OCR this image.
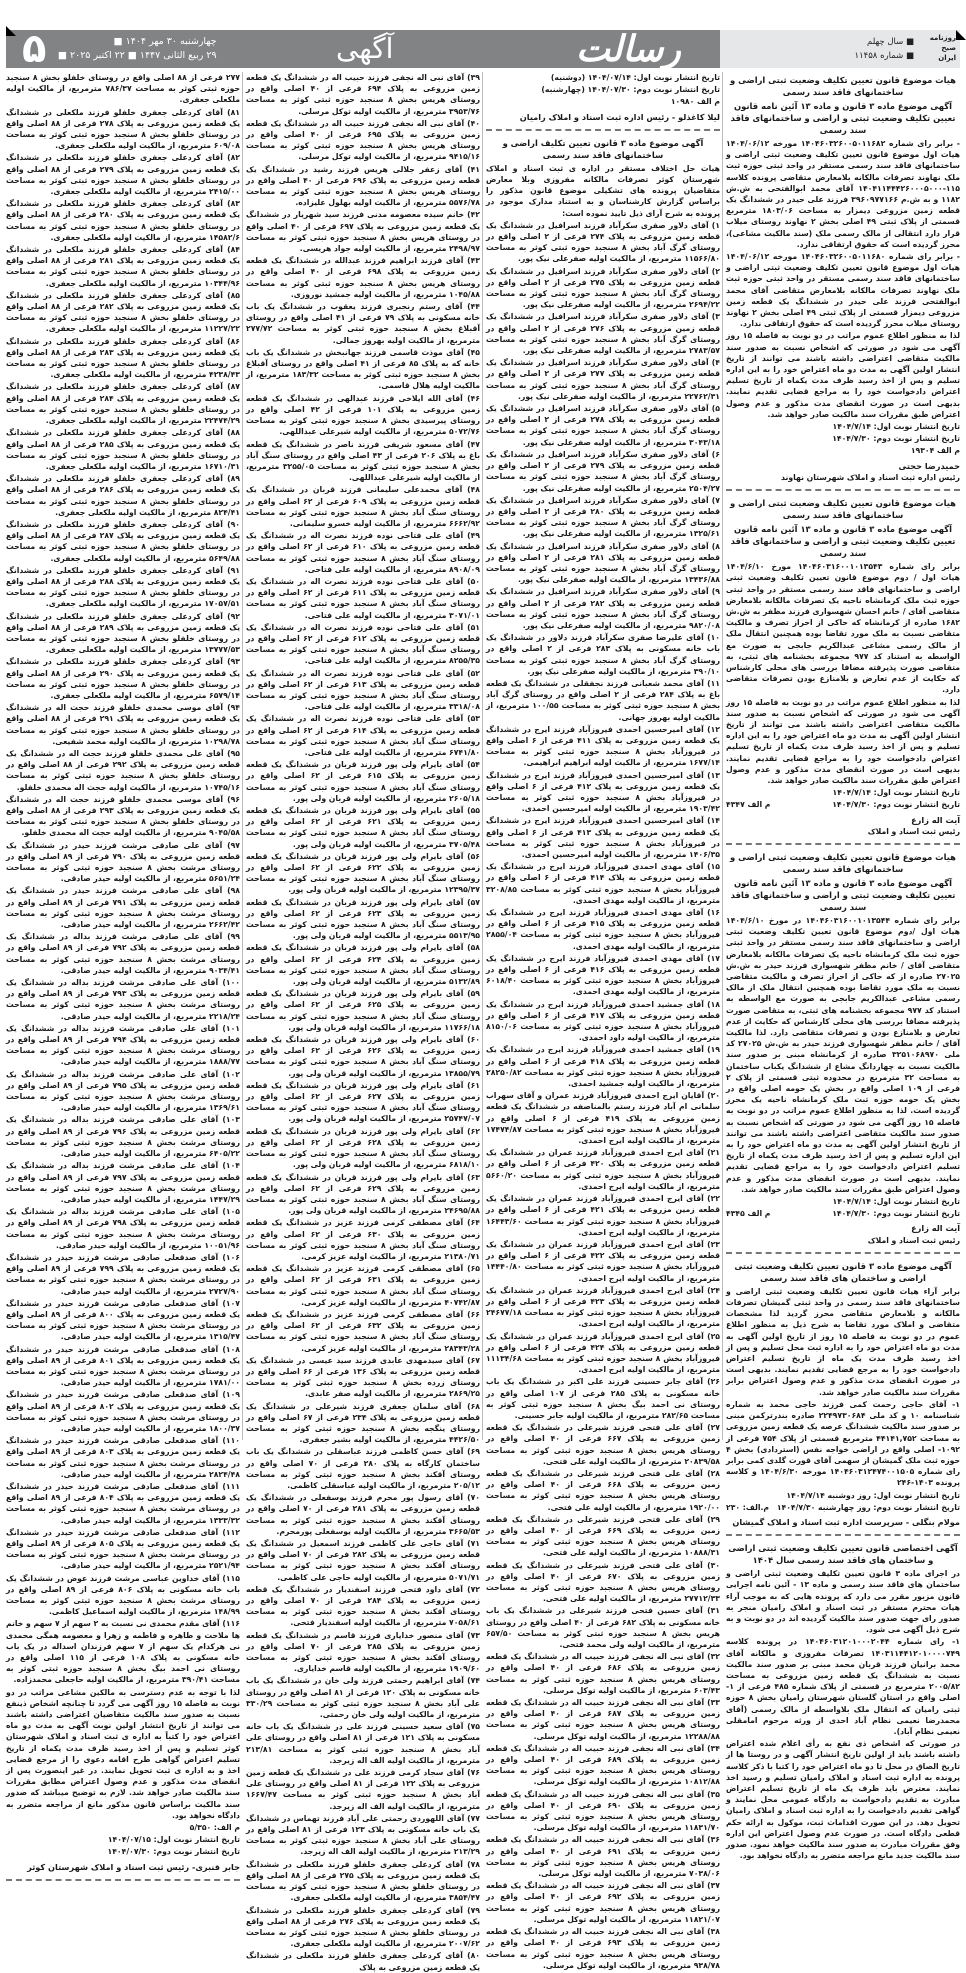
۵	چهارشنبه ۳۰ مهر ۱۴۰۴ ■
۲۹ ربیع الثانی ۱۴۴۷ ■ ۲۲ اکتبر ۲۰۲۵ ■	آگهی	رسالت	■ سال چهلم
■ شماره ۱۱۴۵۸
روزنامه صبح ایران
هیات موضوع قانون تعیین تکلیف وضعیت ثبتی اراضی و ساختمانهای فاقد سند رسمی
آگهی موضوع ماده ۳ قانون و ماده ۱۳ آئین نامه قانون تعیین تکلیف وضعیت ثبتی و اراضی و ساختمانهای فاقد سند رسمی

- برابر رای شماره ۱۴۰۴۶۰۳۲۶۰۰۵۰۱۱۶۸۲ مورخه ۱۴۰۴/۰۶/۱۲ هیات اول موضوع قانون تعیین تکلیف وضعیت ثبتی اراضی و ساختمانهای فاقد سند رسمی مستقر در واحد ثبتی حوزه ثبت ملک نهاوند تصرفات مالکانه بلامعارض متقاضی پرونده کلاسه ۱۱۵-۱۴۰۴۱۱۴۴۴۲۶۰۰۰۵۰۰۰ آقای محمد ابوالفتحی به ش.ش ۱۱۸۲ و به ش.م ۳۹۶۰۹۷۷۱۶۶ فرزند علی حیدر در ششدانگ یک قطعه زمین مزروعی دیمزار به مساحت ۱۸۰۳/۰۶ مترمربع قسمتی از پلاک ثبتی ۴۹ اصلی بخش ۲ نهاوند روستای میلاب قرار دارد انتقالی از مالک رسمی ملک (سند مالکیت مشاعی)، محرز گردیده است که حقوق ارتفاقی ندارد.

- برابر رای شماره ۱۴۰۴۶۰۳۲۶۰۰۵۰۱۱۶۸۰ مورخه ۱۴۰۴/۰۶/۱۲ هیات اول موضوع قانون تعیین تکلیف وضعیت ثبتی اراضی و ساختمانهای فاقد سند رسمی مستقر در واحد ثبتی حوزه ثبت ملک نهاوند تصرفات مالکانه بلامعارض متقاضی آقای محمد ابوالفتحی فرزند علی حیدر در ششدانگ یک قطعه زمین مزروعی دیمزار قسمتی از پلاک ثبتی ۴۹ اصلی بخش ۲ نهاوند روستای میلاب محرز گردیده است که حقوق ارتفاقی ندارد.

لذا به منظور اطلاع عموم مراتب در دو نوبت به فاصله ۱۵ روز آگهی می شود در صورتی که اشخاص نسبت به صدور سند مالکیت متقاضی اعتراضی داشته باشند می توانند از تاریخ انتشار اولین آگهی به مدت دو ماه اعتراض خود را به این اداره تسلیم و پس از اخذ رسید ظرف مدت یکماه از تاریخ تسلیم اعتراض دادخواست خود را به مراجع قضایی تقدیم نمایند. بدیهی است در صورت انقضای مدت مذکور و عدم وصول اعتراض طبق مقررات سند مالکیت صادر خواهد شد.

تاریخ انتشار نوبت اول: ۱۴۰۴/۷/۱۴

تاریخ انتشار نوبت دوم: ۱۴۰۴/۷/۳۰

م الف ۱۹۳۰۴

حمیدرضا حجتی
رئیس اداره ثبت اسناد و املاک شهرستان نهاوند
هیات موضوع قانون تعیین تکلیف وضعیت ثبتی اراضی و ساختمانهای فاقد سند رسمی
آگهی موضوع ماده ۳ قانون و ماده ۱۳ آئین نامه قانون تعیین تکلیف وضعیت ثبتی و اراضی و ساختمانهای فاقد سند رسمی

برابر رای شماره ۱۴۰۴۶۰۳۱۶۰۰۱۰۱۳۵۴۳ مورخ ۱۴۰۴/۶/۱۰ هیات اول / دوم موضوع قانون تعیین تکلیف وضعیت ثبتی اراضی و ساختمانهای فاقد سند رسمی مستقر در واحد ثبتی حوزه ثبت ملک کرمانشاه ناحیه یک تصرفات مالکانه بلامعارض متقاضی آقای / خانم احسان شهسواری فرزند مظفر به ش.ش ۱۶۸۲ صادره از کرمانشاه که حاکی از احراز تصرف و مالکیت متقاضی نسبت به ملک مورد تقاضا بوده همچنین انتقال ملک از مالک رسمی مشاعی عبدالکریم جابجی به صورت مع الواسطه به استناد کد ۹۷۷ مجموعه بخشنامه های ثبتی، به متقاضی صورت پذیرفته مضافا بررسی های محلی کارشناس که حکایت از عدم تعارض و بلامنازع بودن تصرفات متقاضی دارد.

لذا به منظور اطلاع عموم مراتب در دو نوبت به فاصله ۱۵ روز آگهی می شود در صورتی که اشخاص نسبت به صدور سند مالکیت متقاضی اعتراضی داشته باشند می توانند از تاریخ انتشار اولین آگهی به مدت دو ماه اعتراض خود را به این اداره تسلیم و پس از اخذ رسید ظرف مدت یکماه از تاریخ تسلیم اعتراض دادخواست خود را به مراجع قضایی تقدیم نمایند. بدیهی است در صورت انقضای مدت مذکور و عدم وصول اعتراض طبق مقررات سند مالکیت صادر خواهد شد.

تاریخ انتشار نوبت اول: ۱۴۰۴/۷/۱۴

تاریخ انتشار نوبت دوم: ۱۴۰۴/۷/۳۰
م الف ۴۳۴۷
آیت اله زارع
رئیس ثبت اسناد و املاک
هیات موضوع قانون تعیین تکلیف وضعیت ثبتی اراضی و ساختمانهای فاقد سند رسمی
آگهی موضوع ماده ۳ قانون و ماده ۱۳ آئین نامه قانون تعیین تکلیف وضعیت ثبتی و اراضی و ساختمانهای فاقد سند رسمی

برابر رای شماره ۱۴۰۴۶۰۳۱۶۰۰۱۰۱۳۵۴۴ در مورخ ۱۴۰۴/۶/۱۰ هیات اول /دوم موضوع قانون تعیین تکلیف وضعیت ثبتی اراضی و ساختمانهای فاقد سند رسمی مستقر در واحد ثبتی حوزه ثبت ملک کرمانشاه ناحیه یک تصرفات مالکانه بلامعارض متقاضی آقای / خانم مظفر شهسواری فرزند حیدر به ش.ش ۲۷۰۲۵ صادره از که حاکی از احراز تصرف و مالکیت متقاضی نسبت به ملک مورد تقاضا بوده همچنین انتقال ملک از مالک رسمی مشاعی عبدالکریم جابجی به صورت مع الواسطه به استناد کد ۹۷۷ مجموعه بخشنامه های ثبتی، به متقاضی صورت پذیرفته مضافا بررسی های محلی کارشناس که حکایت از عدم تعارض و بلامنازع بودن و تصرفات متقاضی دارد. لذا مالکیت آقای / خانم مظفر شهسواری فرزند حیدر به ش.ش ۲۷۰۲۵ کد ملی ۳۲۵۱۰۶۸۹۷۰ صادره از کرمانشاه مبنی بر صدور سند مالکیت نسبت به چهاردانگ مشاع از ششدانگ یکباب ساختمان به مساحت ۳۲ مترمربع در محدوده ثبتی قسمتی از پلاک ۲ فرعی از ۱۰۹ اصلی واقع در بخش یک حومه اصلی واقع در بخش یک حومه حوزه ثبت ملک کرمانشاه ناحیه یک محرز گردیده است. لذا به منظور اطلاع عموم مراتب در دو نوبت به فاصله ۱۵ روز آگهی می شود در صورتی که اشخاص نسبت به صدور سند مالکیت متقاضی اعتراضی داشته باشند می توانند از تاریخ انتشار اولین آگهی به مدت دو ماه اعتراض خود را به این اداره تسلیم و پس از اخذ رسید ظرف مدت یکماه از تاریخ تسلیم اعتراض دادخواست خود را به مراجع قضایی تقدیم نمایند. بدیهی است در صورت انقضای مدت مذکور و عدم وصول اعتراض طبق مقررات سند مالکیت صادر خواهد شد.

تاریخ انتشار نوبت اول: ۱۴۰۴/۷/۱۴

تاریخ انتشار نوبت دوم: ۱۴۰۴/۷/۳۰
م الف ۴۳۴۵
آیت اله زارع
رئیس ثبت اسناد و املاک
آگهی موضوع ماده ۳ قانون تعیین تکلیف وضعیت ثبتی اراضی و ساختمان های فاقد سند رسمی

برابر آراء هیات قانون تعیین تکلیف وضعیت ثبتی اراضی و ساختمانهای فاقد سند رسمی در واحد ثبتی گمیشان تصرفات مالکانه و بلامعارض متقاضی محرز گردید لذا مشخصات متقاضی و املاک مورد تقاضا به شرح ذیل به منظور اطلاع عموم در دو نوبت به فاصله ۱۵ روز از تاریخ اولین آگهی به مدت دو ماه اعتراض خود را به اداره ثبت محل تسلیم و پس از اخذ رسید ظرف مدت یک ماه از تاریخ تسلیم اعتراض دادخواست خود را به مرجع قضایی تقدیم نمایند. بدیهی است در صورت انقضای مدت مذکور و عدم وصول اعتراض برابر مقررات سند مالکیت صادر خواهد شد.

۱- آقای حاجی رحمت کمی فرزند حاجی محمد به شماره شناسنامه ۱۰ و کد ملی ۲۲۴۹۷۳۰۶۸۴ صادره بندرترکمن مبنی بر صدور سند مالکیت ششدانگ عرصه یک قطعه زمین مزروعی به مساحت ۴۴۱۴۱,۷۵۲ مترمربع قسمتی از پلاک ۷۵۴ فرعی از ۱۰۹۲- اصلی واقع در اراضی خواجه نفس (استردادی) بخش ۴ حوزه ثبت ملک گمیشان از سهمی آقای قورت گلدی کمی برابر رای شماره ۱۴۰۴۶۰۳۱۲۴۷۴۰۰۱۵۰۵ مورخه ۱۴۰۴/۶/۳۰ و کلاسه پرونده ۱۴۰۳-۲۴۶

تاریخ انتشار نوبت اول: روز دوشنبه ۱۴۰۴/۷/۱۴

تاریخ انتشار نوبت دوم: روز چهارشنبه ۱۴۰۴/۷/۳۰
م.الف: ۲۳۰
مولام بنگلی - سرپرست اداره ثبت اسناد و املاک گمیشان
آگهی اختصاصی قانون تعیین تکلیف وضعیت ثبتی اراضی و ساختمان های فاقد سند رسمی سال ۱۴۰۴

در اجرای ماده ۳ قانون تعیین تکلیف وضعیت ثبتی اراضی و ساختمان های فاقد سند رسمی و ماده ۱۳ - آئین نامه اجرایی قانون مزبور مقرر می دارد که پرونده هایی که به موجب آراء هیات محترم مستقر در ثبت اسناد و املاک رامیان منجر به صدور رای جهت صدور سند مالکیت گردیده اند در دو نوبت و به شرح ذیل آگهی می شود.

۱- رای شماره ۱۴۰۴۶۰۳۱۲۰۱۰۰۰۲۰۴۴ در پرونده کلاسه ۱۴۰۳۱۱۴۴۱۲۰۱۰۰۰۰۷۴۹ تصرفات مفروزی و مالکانه آقای محمد برانیان فرزند قربان محمد مبنی بر صدور سند مالکیت نسبت به ششدانگ یک قطعه زمین مزروعی به مساحت ۲۰۰۵/۸۲ مترمربع در قسمتی از پلاک شماره ۴۸۵ فرعی از ۱- اصلی واقع در استان گلستان شهرستان رامیان بخش ۸ حوزه ثبتی رامیان که انتقال ملک بلاواسطه از مالک رسمی (آقای محمدرضا نعیمی نظام آباد احدی از ورثه مرحوم امامقلی نعیمی نظام آباد).

در صورتی که اشخاص ذی نفع به رأی اعلام شده اعتراض داشته باشند باید از اولین تاریخ انتشار آگهی و در روستا ها از تاریخ الصاق در محل تا دو ماه اعتراض خود را کتبا با ذکر کلاسه پرونده به اداره ثبت اسناد و املاک رامیان تسلیم و رسید اخذ نمایند. معترض باید ظرف یک ماه از تاریخ تسلیم اعتراض مبادرت به تقدیم دادخواست به دادگاه عمومی محل نمایند و گواهی تقدیم دادخواست را به اداره ثبت اسناد و املاک رامیان تحویل دهد. در این صورت اقدامات ثبت، موکول به ارائه حکم قطعی دادگاه است. در صورت عدم وصول اعتراض این اداره وفق مقررات مبادرت به صدور سند مالکیت خواهد نمود. صدور سند مالکیت جدید مانع مراجعه متضرر به دادگاه نخواهد بود.

تاریخ انتشار نوبت اول: ۱۴۰۴/۰۷/۱۴ (دوشنبه)

تاریخ انتشار نوبت دوم: ۱۴۰۴/۰۷/۳۰ (چهارشنبه)

م الف ۱۰۹۸۰

لیلا کاغذلو - رئیس اداره ثبت اسناد و املاک رامیان
آگهی موضوع ماده ۳ قانون تعیین تکلیف اراضی و ساختمانهای فاقد سند رسمی

هیات حل اختلاف مستقر در اداره ی ثبت اسناد و املاک شهرستان کوثر تصرفات مالکانه مفروزی وبلا معارض متقاضیان پرونده های تشکیلی موضوع قانون مذکور را براساس گزارش کارشناسان و به استناد مدارک موجود در پرونده به شرح آرای ذیل تایید نموده است:

۱) آقای دلاور صفری سکرآباد فرزند اسرافیل در ششدانگ یک قطعه زمین مزروعی به پلاک ۲۷۴ فرعی از ۲ اصلی واقع در روستای گرگ آباد بخش ۸ سنجبد حوزه ثبتی کوثر به مساحت ۱۱۵۶۶/۸۰ مترمربع، از مالکیت اولیه صفرعلی نیک پور.

۲) آقای دلاور صفری سکرآباد فرزند اسرافیل در ششدانگ یک قطعه زمین مزروعی به پلاک ۲۷۵ فرعی از ۲ اصلی واقع در روستای گرگ آباد بخش ۸ سنجبد حوزه ثبتی کوثر به مساحت ۲۶۹۴/۲۲ مترمربع، از مالکیت اولیه صفرعلی نیک پور.

۳) آقای دلاور صفری سکرآباد فرزند اسرافیل در ششدانگ یک قطعه زمین مزروعی به پلاک ۲۷۶ فرعی از ۲ اصلی واقع در روستای گرگ آباد بخش ۸ سنجبد حوزه ثبتی کوثر به مساحت ۲۷۸۳/۵۷ مترمربع، از مالکیت اولیه صفرعلی نیک پور.

۴) آقای دلاور صفری سکرآباد فرزند اسرافیل در ششدانگ یک قطعه زمین مزروعی به پلاک ۲۷۷ فرعی از ۲ اصلی واقع در روستای گرگ آباد بخش ۸ سنجبد حوزه ثبتی کوثر به مساحت ۲۲۷۶۲/۳۱ مترمربع، از مالکیت اولیه صفرعلی نیک پور.

۵) آقای دلاور صفری سکرآباد فرزند اسرافیل در ششدانگ یک قطعه زمین مزروعی به پلاک ۲۷۸ فرعی از ۲ اصلی واقع در روستای گرگ آباد بخش ۸ سنجبد حوزه ثبتی کوثر به مساحت ۳۰۴۳/۱۸ مترمربع، از مالکیت اولیه صفرعلی نیک پور.

۶) آقای دلاور صفری سکرآباد فرزند اسرافیل در ششدانگ یک قطعه زمین مزروعی به پلاک ۲۷۹ فرعی از ۲ اصلی واقع در روستای گرگ آباد بخش ۸ سنجبد حوزه ثبتی کوثر به مساحت ۲۵۰۴/۲۷ مترمربع، از مالکیت اولیه صفرعلی نیک پور.

۷) آقای دلاور صفری سکرآباد فرزند اسرافیل در ششدانگ یک قطعه زمین مزروعی به پلاک ۲۸۰ فرعی از ۲ اصلی واقع در روستای گرگ آباد بخش ۸ سنجبد حوزه ثبتی کوثر به مساحت ۱۳۲۵/۶۱ مترمربع، از مالکیت اولیه صفرعلی نیک پور.

۸) آقای دلاور صفری سکرآباد فرزند اسرافیل در ششدانگ یک قطعه زمین مزروعی به پلاک ۲۸۱ فرعی از ۲ اصلی واقع در روستای گرگ آباد بخش ۸ سنجبد حوزه ثبتی کوثر به مساحت ۱۳۴۳۶/۸۸ مترمربع، از مالکیت اولیه صفرعلی نیک پور.

۹) آقای دلاور صفری سکرآباد فرزند اسرافیل در ششدانگ یک قطعه زمین مزروعی به پلاک ۲۸۲ فرعی از ۲ اصلی واقع در روستای گرگ آباد بخش ۸ سنجبد حوزه ثبتی کوثر به مساحت ۹۸۲۰/۰۸ مترمربع، از مالکیت اولیه صفرعلی نیک پور.

۱۰) آقای علیرضا صفری سکرآباد فرزند دلاور در ششدانگ یک باب خانه مسکونی به پلاک ۲۸۳ فرعی از ۲ اصلی واقع در روستای گرگ آباد بخش ۸ سنجبد حوزه ثبتی کوثر به مساحت ۳۹۰/۱۰ مترمربع، از مالکیت اولیه صفرعلی نیک پور.

۱۱) آقای محمد شعبانی فرزند نجفقلی در ششدانگ یک قطعه باغ به پلاک ۲۸۴ فرعی از ۲ اصلی واقع در روستای گرگ آباد بخش ۸ سنجبد حوزه ثبتی کوثر به مساحت ۱۰۰/۵۵ مترمربع، از مالکیت اولیه بهروز جهانی.

۱۲) آقای امیرحسین احمدی فیروزآباد فرزند ایرج در ششدانگ یک قطعه زمین مزروعی به پلاک ۴۱۱ فرعی از ۶ اصلی واقع در فیروزآباد بخش ۸ سنجبد حوزه ثبتی کوثر به مساحت ۱۶۷۷/۱۴ مترمربع، از مالکیت اولیه ابراهیم ابراهیمی.

۱۳) آقای امیرحسین احمدی فیروزآباد فرزند ایرج در ششدانگ یک قطعه زمین مزروعی به پلاک ۴۱۲ فرعی از ۶ اصلی واقع در فیروزآباد بخش ۸ سنجبد حوزه ثبتی کوثر به مساحت ۱۹۰۳/۴۲ مترمربع، از مالکیت اولیه امیرحسین احمدی.

۱۴) آقای امیرحسین احمدی فیروزآباد فرزند ایرج در ششدانگ یک قطعه زمین مزروعی به پلاک ۴۱۳ فرعی از ۶ اصلی واقع در فیروزآباد بخش ۸ سنجبد حوزه ثبتی کوثر به مساحت ۱۴۰۶/۳۵ مترمربع، از مالکیت اولیه امیرحسین احمدی.

۱۵) آقای مهدی احمدی فیروزآباد فرزند ایرج در ششدانگ یک قطعه زمین مزروعی به پلاک ۴۱۴ فرعی از ۶ اصلی واقع در فیروزآباد بخش ۸ سنجبد حوزه ثبتی کوثر به مساحت ۳۲۰۸/۸۵ مترمربع، از مالکیت اولیه مهدی احمدی.

۱۶) آقای مهدی احمدی فیروزآباد فرزند ایرج در ششدانگ یک قطعه زمین مزروعی به پلاک ۴۱۵ فرعی از ۶ اصلی واقع در فیروزآباد بخش ۸ سنجبد حوزه ثبتی کوثر به مساحت ۲۸۵۵/۰۴ مترمربع، از مالکیت اولیه مهدی احمدی.

۱۷) آقای مهدی احمدی فیروزآباد فرزند ایرج در ششدانگ یک قطعه زمین مزروعی به پلاک ۴۱۶ فرعی از ۶ اصلی واقع در فیروزآباد بخش ۸ سنجبد حوزه ثبتی کوثر به مساحت ۶۰۱۸/۴۰ مترمربع، از مالکیت اولیه مهدی احمدی.

۱۸) آقای جمشید احمدی فیروزآباد فرزند ایرج در ششدانگ یک قطعه زمین مزروعی به پلاک ۴۱۷ فرعی از ۶ اصلی واقع در فیروزآباد بخش ۸ سنجبد حوزه ثبتی کوثر به مساحت ۸۱۵۰/۰۶ مترمربع، از مالکیت اولیه داود احمدی.

۱۹) آقای جمشید احمدی فیروزآباد فرزند ایرج در ششدانگ یک قطعه زمین مزروعی به پلاک ۴۱۸ فرعی از ۶ اصلی واقع در فیروزآباد بخش ۸ سنجبد حوزه ثبتی کوثر به مساحت ۲۸۲۵۰/۸۲ مترمربع، از مالکیت اولیه جمشید احمدی.

۲۰) آقایان ایرج احمدی فیروزآباد فرزند عمران و آقای سهراب سلمانی ام آباد فرزند رستم بالمناصفه در ششدانگ یک قطعه زمین مزروعی به پلاک ۴۱۹ فرعی از ۶ اصلی واقع در فیروزآباد بخش ۸ سنجبد حوزه ثبتی کوثر به مساحت ۱۷۴۷۴/۸۷ مترمربع، از مالکیت اولیه ایرج احمدی.

۲۱) آقای ایرج احمدی فیروزآباد فرزند عمران در ششدانگ یک قطعه زمین مزروعی به پلاک ۴۲۰ فرعی از ۶ اصلی واقع در فیروزآباد بخش ۸ سنجبد حوزه ثبتی کوثر به مساحت ۵۶۶۰/۲۰ مترمربع، از مالکیت اولیه ایرج احمدی.

۲۲) آقای ایرج احمدی فیروزآباد فرزند عمران در ششدانگ یک قطعه زمین مزروعی به پلاک ۴۲۱ فرعی از ۶ اصلی واقع در فیروزآباد بخش ۸ سنجبد حوزه ثبتی کوثر به مساحت ۱۶۴۴۳/۶۰ مترمربع، از مالکیت اولیه ایرج احمدی.

۲۳) آقای ایرج احمدی فیروزآباد فرزند عمران در ششدانگ یک قطعه زمین مزروعی به پلاک ۴۲۲ فرعی از ۶ اصلی واقع در فیروزآباد بخش ۸ سنجبد حوزه ثبتی کوثر به مساحت ۱۴۴۴۰/۸۰ مترمربع، از مالکیت اولیه ایرج احمدی.

۲۴) آقای ایرج احمدی فیروزآباد فرزند عمران در ششدانگ یک قطعه زمین مزروعی به پلاک ۴۲۳ فرعی از ۶ اصلی واقع در فیروزآباد بخش ۸ سنجبد حوزه ثبتی کوثر به مساحت ۲۴۶۷۷/۱۸ مترمربع، از مالکیت اولیه ایرج احمدی.

۲۵) آقای ایرج احمدی فیروزآباد فرزند عمران در ششدانگ یک قطعه زمین مزروعی به پلاک ۴۲۴ فرعی از ۶ اصلی واقع در فیروزآباد بخش ۸ سنجبد حوزه ثبتی کوثر به مساحت ۱۱۱۳۴/۶۸ مترمربع، از مالکیت اولیه ایرج احمدی.

۲۶) آقای جابر حسینی فرزند علی اکبر در ششدانگ یک باب خانه مسکونی به پلاک ۲۸۵ فرعی از ۱۰۷ اصلی واقع در روستای نی احمد بیگ بخش ۸ سنجبد حوزه ثبتی کوثر به مساحت ۲۸۲/۶۵ مترمربع، از مالکیت اولیه جابر حسینی.

۲۷) آقای علی فتحی فرزند شیرعلی در ششدانگ یک قطعه زمین مزروعی به پلاک ۶۶۷ فرعی از ۴۰ اصلی واقع در روستای هریس بخش ۸ سنجبد حوزه ثبتی کوثر به مساحت ۲۰۸۳۹/۵۸ مترمربع، از مالکیت اولیه علی فتحی.

۲۸) آقای علی فتحی فرزند شیرعلی در ششدانگ یک قطعه زمین مزروعی به پلاک ۶۶۸ فرعی از ۴۰ اصلی واقع در روستای هریس بخش ۸ سنجبد حوزه ثبتی کوثر به مساحت ۱۹۲۰/۰۰ مترمربع، از مالکیت اولیه علی فتحی.

۲۹) آقای علی فتحی فرزند شیرعلی در ششدانگ یک قطعه زمین مزروعی به پلاک ۶۶۹ فرعی از ۴۰ اصلی واقع در روستای هریس بخش ۸ سنجبد حوزه ثبتی کوثر به مساحت ۱۰۸۸۸/۳۱ مترمربع، از مالکیت اولیه علی فتحی.

۳۰) آقای علی فتحی فرزند شیرعلی در ششدانگ یک قطعه زمین مزروعی به پلاک ۶۷۰ فرعی از ۴۰ اصلی واقع در روستای هریس بخش ۸ سنجبد حوزه ثبتی کوثر به مساحت ۲۷۷۱۲/۳۳ مترمربع، از مالکیت اولیه علی فتحی.

۳۱) آقای حسین فتحی فرزند شیرعلی در ششدانگ یک باب خانه مسکونی به پلاک ۶۸۲ فرعی از ۴۰ اصلی واقع در روستای هریس بخش ۸ سنجبد حوزه ثبتی کوثر به مساحت ۶۵۷/۵۰ مترمربع، از مالکیت اولیه ولی محمد فتحی.

۳۲) آقای نبی اله نجفی فرزند حبیب اله در ششدانگ یک قطعه زمین مزروعی به پلاک ۶۸۶ فرعی از ۴۰ اصلی واقع در روستای هریس بخش ۸ سنجبد حوزه ثبتی کوثر به مساحت ۶۰۳/۴۳ مترمربع، از مالکیت اولیه توکل مرسلی.

۳۳) آقای نبی اله نجفی فرزند حبیب اله در ششدانگ یک قطعه زمین مزروعی به پلاک ۶۸۷ فرعی از ۴۰ اصلی واقع در روستای هریس بخش ۸ سنجبد حوزه ثبتی کوثر به مساحت ۱۲۲۸۸/۸۸ مترمربع، از مالکیت اولیه توکل مرسلی.

۳۴) آقای نبی اله نجفی فرزند حبیب اله در ششدانگ یک قطعه زمین مزروعی به پلاک ۶۸۹ فرعی از ۴۰ اصلی واقع در روستای هریس بخش ۸ سنجبد حوزه ثبتی کوثر به مساحت ۱۰۸۱۲/۸۸ مترمربع، از مالکیت اولیه توکل مرسلی.

۳۵) آقای نبی اله نجفی فرزند حبیب اله در ششدانگ یک قطعه زمین مزروعی به پلاک ۶۹۰ فرعی از ۴۰ اصلی واقع در روستای هریس بخش ۸ سنجبد حوزه ثبتی کوثر به مساحت ۱۱۸۳۱/۷۰ مترمربع، از مالکیت اولیه توکل مرسلی.

۳۶) آقای نبی اله نجفی فرزند حبیب اله در ششدانگ یک قطعه زمین مزروعی به پلاک ۶۹۱ فرعی از ۴۰ اصلی واقع در روستای هریس بخش ۸ سنجبد حوزه ثبتی کوثر به مساحت ۷۰۳۸/۰۶ مترمربع، از مالکیت اولیه توکل مرسلی.

۳۷) آقای نبی اله نجفی فرزند حبیب اله در ششدانگ یک قطعه زمین مزروعی به پلاک ۶۹۲ فرعی از ۴۰ اصلی واقع در روستای هریس بخش ۸ سنجبد حوزه ثبتی کوثر به مساحت ۱۱۸۲۱/۰۷ مترمربع، از مالکیت اولیه توکل مرسلی.

۳۸) آقای نبی اله نجفی فرزند حبیب اله در ششدانگ یک قطعه زمین مزروعی به پلاک ۶۹۳ فرعی از ۴۰ اصلی واقع در روستای هریس بخش ۸ سنجبد حوزه ثبتی کوثر به مساحت ۹۳۸/۷۸ مترمربع، از مالکیت اولیه توکل مرسلی.

۳۹) آقای نبی اله نجفی فرزند حبیب اله در ششدانگ یک قطعه زمین مزروعی به پلاک ۶۹۴ فرعی از ۴۰ اصلی واقع در روستای هریس بخش ۸ سنجبد حوزه ثبتی کوثر به مساحت ۳۹۵۳/۷۶ مترمربع، از مالکیت اولیه توکل مرسلی.

۴۰) آقای نبی اله نجفی فرزند حبیب اله در ششدانگ یک قطعه زمین مزروعی به پلاک ۶۹۵ فرعی از ۴۰ اصلی واقع در روستای هریس بخش ۸ سنجبد حوزه ثبتی کوثر به مساحت ۹۴۱۵/۱۶ مترمربع، از مالکیت اولیه توکل مرسلی.

۴۱) آقای زعفر جلالی هریس فرزند رشید در ششدانگ یک قطعه زمین مزروعی به پلاک ۶۹۶ فرعی از ۴۰ اصلی واقع در روستای هریس بخش ۸ سنجبد حوزه ثبتی کوثر به مساحت ۵۵۷۶/۷۸ مترمربع، از مالکیت اولیه بهلول علیزاده.

۴۲) خانم سیده معصومه مدنی فرزند سید شهریار در ششدانگ یک قطعه زمین مزروعی به پلاک ۶۹۷ فرعی از ۴۰ اصلی واقع در روستای هریس بخش ۸ سنجبد حوزه ثبتی کوثر به مساحت ۲۴۹۸/۹۷ مترمربع، از مالکیت اولیه جواد هریسی.

۴۳) آقای فرزند ابراهیم فرزند عبدالله در ششدانگ یک قطعه زمین مزروعی به پلاک ۶۹۸ فرعی از ۴۰ اصلی واقع در روستای هریس بخش ۸ سنجبد حوزه ثبتی کوثر به مساحت ۱۰۴۵/۸۸ مترمربع، از مالکیت اولیه جمشید نوروزی.

۴۴) آقای رستم رنجبری فرزند یعقوب در ششدانگ یک باب خانه مسکونی به پلاک ۷۹ فرعی از ۴۱ اصلی واقع در روستای آقبلاغ بخش ۸ سنجبد حوزه ثبتی کوثر به مساحت ۲۷۷/۷۲ مترمربع، از مالکیت اولیه بهروز جمالی.

۴۵) آقای موذت قاسمی فرزند جهانبخش در ششدانگ یک باب خانه که به پلاک ۸۵ فرعی از ۴۱ اصلی واقع در روستای آقبلاغ بخش ۸ سنجبد حوزه ثبتی کوثر به مساحت ۱۸۳/۳۲ مترمربع، از مالکیت اولیه هلال قاسمی.

۴۶) آقای الله ایلاخی فرزند عبدالهی در ششدانگ یک قطعه زمین مزروعی به پلاک ۱۰۱ فرعی از ۴۲ اصلی واقع در روستای پیرسیدی بخش ۸ سنجبد حوزه ثبتی کوثر به مساحت ۵۰۷۲/۷۶ مترمربع، از مالکیت اولیه شیرعلی عبداللهی.

۴۷) آقای مسعود شریفی فرزند ناصر در ششدانگ یک قطعه باغ به پلاک ۲۰۶ فرعی از ۴۳ اصلی واقع در روستای سنگ آباد بخش ۸ سنجبد حوزه ثبتی کوثر به مساحت ۳۲۵۵/۰۵ مترمربع، از مالکیت اولیه شیرعلی عبداللهی.

۴۸) آقای محمدعلی سلیمانی فرزند قربان در ششدانگ یک قطعه زمین مزروعی به پلاک ۶۰۹ فرعی از ۶۲ اصلی واقع در روستای سنگ آباد بخش ۸ سنجبد حوزه ثبتی کوثر به مساحت ۶۶۶۲/۹۲ مترمربع، از مالکیت اولیه خسرو سلیمانی.

۴۹) آقای علی فتاحی نوده فرزند نصرت اله در ششدانگ یک قطعه زمین مزروعی به پلاک ۶۱۰ فرعی از ۶۲ اصلی واقع در روستای سنگ آباد بخش ۸ سنجبد حوزه ثبتی کوثر به مساحت ۸۹۰۸/۰۹ مترمربع، از مالکیت اولیه علی فتاحی.

۵۰) آقای علی فتاحی نوده فرزند نصرت اله در ششدانگ یک قطعه زمین مزروعی به پلاک ۶۱۱ فرعی از ۶۲ اصلی واقع در روستای سنگ آباد بخش ۸ سنجبد حوزه ثبتی کوثر به مساحت ۳۰۷۱/۰۱ مترمربع، از مالکیت اولیه علی فتاحی.

۵۱) آقای علی فتاحی نوده فرزند نصرت اله در ششدانگ یک قطعه زمین مزروعی به پلاک ۶۱۲ فرعی از ۶۲ اصلی واقع در روستای سنگ آباد بخش ۸ سنجبد حوزه ثبتی کوثر به مساحت ۸۲۵۵/۳۵ مترمربع، از مالکیت اولیه علی فتاحی.

۵۲) آقای علی فتاحی نوده فرزند نصرت اله در ششدانگ یک قطعه زمین مزروعی به پلاک ۶۱۳ فرعی از ۶۲ اصلی واقع در روستای سنگ آباد بخش ۸ سنجبد حوزه ثبتی کوثر به مساحت ۳۳۱۸/۰۸ مترمربع، از مالکیت اولیه علی فتاحی.

۵۳) آقای علی فتاحی نوده فرزند نصرت اله در ششدانگ یک قطعه زمین مزروعی به پلاک ۶۱۴ فرعی از ۶۲ اصلی واقع در روستای سنگ آباد بخش ۸ سنجبد حوزه ثبتی کوثر به مساحت ۶۷۴۱/۸۰ مترمربع، از مالکیت اولیه علی فتاحی.

۵۴) آقای بایرام ولی پور فرزند قربان در ششدانگ یک قطعه زمین مزروعی به پلاک ۶۱۵ فرعی از ۶۲ اصلی واقع در روستای سنگ آباد بخش ۸ سنجبد حوزه ثبتی کوثر به مساحت ۲۶۰۵/۱۸ مترمربع، از مالکیت اولیه قربان ولی پور.

۵۵) آقای بایرام ولی پور فرزند قربان در ششدانگ یک قطعه زمین مزروعی به پلاک ۶۲۱ فرعی از ۶۲ اصلی واقع در روستای سنگ آباد بخش ۸ سنجبد حوزه ثبتی کوثر به مساحت ۳۷۰۵/۴۸ مترمربع، از مالکیت اولیه قربان ولی پور.

۵۶) آقای بایرام ولی پور فرزند قربان در ششدانگ یک قطعه زمین مزروعی به پلاک ۶۲۲ فرعی از ۶۲ اصلی واقع در روستای سنگ آباد بخش ۸ سنجبد حوزه ثبتی کوثر به مساحت ۱۲۳۹۵/۳۷ مترمربع، از مالکیت اولیه قربان ولی پور.

۵۷) آقای بایرام ولی پور فرزند قربان در ششدانگ یک قطعه زمین مزروعی به پلاک ۶۲۳ فرعی از ۶۲ اصلی واقع در روستای سنگ آباد بخش ۸ سنجبد حوزه ثبتی کوثر به مساحت ۵۵۱۳/۹۵ مترمربع، از مالکیت اولیه قربان ولی پور.

۵۸) آقای بایرام ولی پور فرزند قربان در ششدانگ یک قطعه زمین مزروعی به پلاک ۶۲۴ فرعی از ۶۲ اصلی واقع در روستای سنگ آباد بخش ۸ سنجبد حوزه ثبتی کوثر به مساحت ۵۱۳۲/۸۹ مترمربع، از مالکیت اولیه قربان ولی پور.

۵۹) آقای بایرام ولی پور فرزند قربان در ششدانگ یک قطعه زمین مزروعی به پلاک ۶۲۵ فرعی از ۶۲ اصلی واقع در روستای سنگ آباد بخش ۸ سنجبد حوزه ثبتی کوثر به مساحت ۱۱۷۶۶/۱۸ مترمربع، از مالکیت اولیه قربان ولی پور.

۶۰) آقای بایرام ولی پور فرزند قربان در ششدانگ یک قطعه زمین مزروعی به پلاک ۶۲۶ فرعی از ۶۲ اصلی واقع در روستای سنگ آباد بخش ۸ سنجبد حوزه ثبتی کوثر به مساحت ۱۳۸۵۵/۷۹ مترمربع، از مالکیت اولیه قربان ولی پور.

۶۱) آقای بایرام ولی پور فرزند قربان در ششدانگ یک قطعه زمین مزروعی به پلاک ۶۲۷ فرعی از ۶۲ اصلی واقع در روستای سنگ آباد بخش ۸ سنجبد حوزه ثبتی کوثر به مساحت ۲۵۷۴۷/۰۷ مترمربع، از مالکیت اولیه قربان ولی پور.

۶۲) آقای بایرام ولی پور فرزند قربان در ششدانگ یک قطعه زمین مزروعی به پلاک ۶۲۸ فرعی از ۶۲ اصلی واقع در روستای سنگ آباد بخش ۸ سنجبد حوزه ثبتی کوثر به مساحت ۶۸۱۸/۱۰ مترمربع، از مالکیت اولیه قربان ولی پور.

۶۳) آقای بایرام ولی پور فرزند قربان در ششدانگ یک قطعه زمین مزروعی به پلاک ۶۲۹ فرعی از ۶۲ اصلی واقع در روستای سنگ آباد بخش ۸ سنجبد حوزه ثبتی کوثر به مساحت ۲۴۶۹۵/۸۸ مترمربع، از مالکیت اولیه قربان ولی پور.

۶۴) آقای مصطفی کرمی فرزند عزیز در ششدانگ یک قطعه زمین مزروعی به پلاک ۶۳۰ فرعی از ۶۲ اصلی واقع در روستای سنگ آباد بخش ۸ سنجبد حوزه ثبتی کوثر به مساحت ۲۱۳۸۰/۷۱ مترمربع، از مالکیت اولیه عزیز کرمی.

۶۵) آقای مصطفی کرمی فرزند عزیز در ششدانگ یک قطعه زمین مزروعی به پلاک ۶۳۱ فرعی از ۶۲ اصلی واقع در روستای سنگ آباد بخش ۸ سنجبد حوزه ثبتی کوثر به مساحت ۴۰۷۴۲/۸۷ مترمربع، از مالکیت اولیه عزیز کرمی.

۶۶) آقای مصطفی کرمی فرزند عزیز در ششدانگ یک قطعه زمین مزروعی به پلاک ۶۳۲ فرعی از ۶۲ اصلی واقع در روستای سنگ آباد بخش ۸ سنجبد حوزه ثبتی کوثر به مساحت ۲۸۳۴۳/۲۸ مترمربع، از مالکیت اولیه عزیز کرمی.

۶۷) آقای سیدمهدی عابدی فرزند سید عیسی در ششدانگ یک قطعه زمین مزروعی به پلاک ۱۳۶ فرعی از ۶۶ اصلی واقع در روستای زرده بخش ۸ سنجبد حوزه ثبتی کوثر به مساحت ۲۸۶۹/۲۵ مترمربع، از مالکیت اولیه صفر عابدی.

۶۸) آقای سلمان جعفری فرزند شیرعلی در ششدانگ یک قطعه زمین مزروعی به پلاک ۲۳۴ فرعی از ۶۷ اصلی واقع در روستای ینگجه بخش ۸ سنجبد حوزه ثبتی کوثر به مساحت ۴۴۲۶/۵۰ مترمربع، از مالکیت اولیه بشیر جعفری.

۶۹) آقای حسن کاظمی فرزند عباسقلی در ششدانگ یک باب ساختمان کارگاه به پلاک ۲۸۰ فرعی از ۷۰ اصلی واقع در روستای آقکند بخش ۸ سنجبد حوزه ثبتی کوثر به مساحت ۲۰۵/۱۲ مترمربع، از مالکیت اولیه عباسقلی کاظمی.

۷۰) آقای رسول پور محرم فرزند یوسفعلی در ششدانگ یک قطعه زمین مزروعی به پلاک ۲۸۱ فرعی از ۷۰ اصلی واقع در روستای آقکند بخش ۸ سنجبد حوزه ثبتی کوثر به مساحت ۳۶۶۵/۵۳ مترمربع، از مالکیت اولیه یوسفعلی پورمحرم.

۷۱) آقای حاجی علی کاظمی فرزند اسمعیل در ششدانگ یک قطعه زمین مزروعی به پلاک ۲۸۲ فرعی از ۷۰ اصلی واقع در روستای آقکند بخش ۸ سنجبد حوزه ثبتی کوثر به مساحت ۵۰۷۱/۷۱ مترمربع، از مالکیت اولیه حاجی علی کاظمی.

۷۲) آقای داود فتحی فرزند اسفندیار در ششدانگ یک قطعه زمین مزروعی به پلاک ۲۸۴ فرعی از ۷۰ اصلی واقع در روستای آقکند بخش ۸ سنجبد حوزه ثبتی کوثر به مساحت ۷۰۵۸/۶۱ مترمربع، از مالکیت اولیه اسفندیار فتحی.

۷۳) آقای منصور خدایاری فرزند قاسم در ششدانگ یک قطعه زمین مزروعی به پلاک ۲۸۵ فرعی از ۷۰ اصلی واقع در روستای آقکند بخش ۸ سنجبد حوزه ثبتی کوثر به مساحت ۱۹۰۹/۶۰ مترمربع، از مالکیت اولیه قاسم خدایاری.

۷۴) آقای ابراهیم رحمتی فرزند ولی خان در ششدانگ یک باب خانه مسکونی به پلاک ۱۲۰ فرعی از ۸۱ اصلی واقع در روستای علی آباد بخش ۸ سنجبد حوزه ثبتی کوثر به مساحت ۳۳۰/۲۹ مترمربع، از مالکیت اولیه ولی خان رحمتی.

۷۵) آقای سعید حسینی فرزند علی در ششدانگ یک باب خانه مسکونی به پلاک ۱۲۱ فرعی از ۸۱ اصلی واقع در روستای علی آباد بخش ۸ سنجبد حوزه ثبتی کوثر به مساحت ۲۱۳/۸۱ مترمربع، از مالکیت اولیه الف اله زیرجد.

۷۶) آقای سجاد کرمی فرزند علی در ششدانگ یک قطعه زمین مزروعی به پلاک ۱۲۲ فرعی از ۸۱ اصلی واقع در روستای علی آباد بخش ۸ سنجبد حوزه ثبتی کوثر به مساحت ۱۶۶۷/۴۷ مترمربع، از مالکیت اولیه الف اله زیرجد.

۷۷) آقای اللهوردی رحمتی علی آباد فرزند تهماس در ششدانگ یک باب خانه مسکونی به پلاک ۱۲۳ فرعی از ۸۱ اصلی واقع در روستای علی آباد بخش ۸ سنجبد حوزه ثبتی کوثر به مساحت ۲۱۳/۲۹ مترمربع، از مالکیت اولیه الف اله زیرجد.

۷۸) آقای کردعلی جعفری خلفلو فرزند ملکعلی در ششدانگ یک قطعه زمین مزروعی به پلاک ۲۷۵ فرعی از ۸۸ اصلی واقع در روستای خلفلو بخش ۸ سنجبد حوزه ثبتی کوثر به مساحت ۳۸۵۴/۴۷ مترمربع، از مالکیت اولیه ملکعلی جعفری.

۷۹) آقای کردعلی جعفری خلفلو فرزند ملکعلی در ششدانگ یک قطعه زمین مزروعی به پلاک ۲۷۶ فرعی از ۸۸ اصلی واقع در روستای خلفلو بخش ۸ سنجبد حوزه ثبتی کوثر به مساحت ۲۰۰۷/۶۲ مترمربع، از مالکیت اولیه ملکعلی جعفری.

۸۰) آقای کردعلی جعفری خلفلو فرزند ملکعلی در ششدانگ یک قطعه زمین مزروعی به پلاک

۲۷۷ فرعی از ۸۸ اصلی واقع در روستای خلفلو بخش ۸ سنجبد حوزه ثبتی کوثر به مساحت ۷۸۶/۳۷ مترمربع، از مالکیت اولیه ملکعلی جعفری.

۸۱) آقای کردعلی جعفری خلفلو فرزند ملکعلی در ششدانگ یک قطعه زمین مزروعی به پلاک ۲۷۸ فرعی از ۸۸ اصلی واقع در روستای خلفلو بخش ۸ سنجبد حوزه ثبتی کوثر به مساحت ۶۰۹/۰۸ مترمربع، از مالکیت اولیه ملکعلی جعفری.

۸۲) آقای کردعلی جعفری خلفلو فرزند ملکعلی در ششدانگ یک قطعه زمین مزروعی به پلاک ۲۷۹ فرعی از ۸۸ اصلی واقع در روستای خلفلو بخش ۸ سنجبد حوزه ثبتی کوثر به مساحت ۲۴۱۵/۰۰ مترمربع، از مالکیت اولیه ملکعلی جعفری.

۸۳) آقای کردعلی جعفری خلفلو فرزند ملکعلی در ششدانگ یک قطعه زمین مزروعی به پلاک ۲۸۰ فرعی از ۸۸ اصلی واقع در روستای خلفلو بخش ۸ سنجبد حوزه ثبتی کوثر به مساحت ۱۴۵۸۲/۶ مترمربع، از مالکیت اولیه ملکعلی جعفری.

۸۴) آقای کردعلی جعفری خلفلو فرزند ملکعلی در ششدانگ یک قطعه زمین مزروعی به پلاک ۲۸۱ فرعی از ۸۸ اصلی واقع در روستای خلفلو بخش ۸ سنجبد حوزه ثبتی کوثر به مساحت ۱۰۳۴۴/۹۶ مترمربع، از مالکیت اولیه ملکعلی جعفری.

۸۵) آقای کردعلی جعفری خلفلو فرزند ملکعلی در ششدانگ یک قطعه زمین مزروعی به پلاک ۲۸۲ فرعی از ۸۸ اصلی واقع در روستای خلفلو بخش ۸ سنجبد حوزه ثبتی کوثر به مساحت ۱۱۲۲۷/۲۲ مترمربع، از مالکیت اولیه ملکعلی جعفری.

۸۶) آقای کردعلی جعفری خلفلو فرزند ملکعلی در ششدانگ یک قطعه زمین مزروعی به پلاک ۲۸۳ فرعی از ۸۸ اصلی واقع در روستای خلفلو بخش ۸ سنجبد حوزه ثبتی کوثر به مساحت ۴۲۳۸/۴۳ مترمربع، از مالکیت اولیه ملکعلی جعفری.

۸۷) آقای کردعلی جعفری خلفلو فرزند ملکعلی در ششدانگ یک قطعه زمین مزروعی به پلاک ۲۸۴ فرعی از ۸۸ اصلی واقع در روستای خلفلو بخش ۸ سنجبد حوزه ثبتی کوثر به مساحت ۲۲۴۷۴/۲۹ مترمربع، از مالکیت اولیه ملکعلی جعفری.

۸۸) آقای کردعلی جعفری خلفلو فرزند ملکعلی در ششدانگ یک قطعه زمین مزروعی به پلاک ۲۸۵ فرعی از ۸۸ اصلی واقع در روستای خلفلو بخش ۸ سنجبد حوزه ثبتی کوثر به مساحت ۱۶۷۱۰/۳۱ مترمربع، از مالکیت اولیه ملکعلی جعفری.

۸۹) آقای کردعلی جعفری خلفلو فرزند ملکعلی در ششدانگ یک قطعه زمین مزروعی به پلاک ۲۸۶ فرعی از ۸۸ اصلی واقع در روستای خلفلو بخش ۸ سنجبد حوزه ثبتی کوثر به مساحت ۸۲۴/۴۱ مترمربع، از مالکیت اولیه ملکعلی جعفری.

۹۰) آقای کردعلی جعفری خلفلو فرزند ملکعلی در ششدانگ یک قطعه زمین مزروعی به پلاک ۲۸۷ فرعی از ۸۸ اصلی واقع در روستای خلفلو بخش ۸ سنجبد حوزه ثبتی کوثر به مساحت ۵۶۴۹/۸۸ مترمربع، از مالکیت اولیه ملکعلی جعفری.

۹۱) آقای کردعلی جعفری خلفلو فرزند ملکعلی در ششدانگ یک قطعه زمین مزروعی به پلاک ۲۸۸ فرعی از ۸۸ اصلی واقع در روستای خلفلو بخش ۸ سنجبد حوزه ثبتی کوثر به مساحت ۱۷۰۵۷/۵۱ مترمربع، از مالکیت اولیه ملکعلی جعفری.

۹۲) آقای کردعلی جعفری خلفلو فرزند ملکعلی در ششدانگ یک قطعه زمین مزروعی به پلاک ۲۸۹ فرعی از ۸۸ اصلی واقع در روستای خلفلو بخش ۸ سنجبد حوزه ثبتی کوثر به مساحت ۱۳۷۷۷/۵۳ مترمربع، از مالکیت اولیه ملکعلی جعفری.

۹۳) آقای کردعلی جعفری خلفلو فرزند ملکعلی در ششدانگ یک قطعه زمین مزروعی به پلاک ۲۹۰ فرعی از ۸۸ اصلی واقع در روستای خلفلو بخش ۸ سنجبد حوزه ثبتی کوثر به مساحت ۶۵۷۹/۱۴ مترمربع، از مالکیت اولیه ملکعلی جعفری.

۹۴) آقای موسی محمدی خلفلو فرزند حجت اله در ششدانگ یک قطعه زمین مزروعی به پلاک ۲۹۱ فرعی از ۸۸ اصلی واقع در روستای خلفلو بخش ۸ سنجبد حوزه ثبتی کوثر به مساحت ۱۰۲۹۸/۷۸ مترمربع، از مالکیت اولیه محمد شفیعی.

۹۵) آقای علی محمدی خلفلو فرزند حجت اله در ششدانگ یک قطعه زمین مزروعی به پلاک ۲۹۲ فرعی از ۸۸ اصلی واقع در روستای خلفلو بخش ۸ سنجبد حوزه ثبتی کوثر به مساحت ۱۰۷۴۵/۱۶ مترمربع، از مالکیت اولیه حجت اله محمدی خلفلو.

۹۶) آقای موسی محمدی خلفلو فرزند حجت اله در ششدانگ یک قطعه زمین مزروعی به پلاک ۲۹۳ فرعی از ۸۸ اصلی واقع در روستای خلفلو بخش ۸ سنجبد حوزه ثبتی کوثر به مساحت ۹۰۴۵/۵۸ مترمربع، از مالکیت اولیه حجت اله محمدی خلفلو.

۹۷) آقای علی صادقی مرشت فرزند حیدر در ششدانگ یک قطعه زمین مزروعی به پلاک ۷۹۰ فرعی از ۸۹ اصلی واقع در روستای مرشت بخش ۸ سنجبد حوزه ثبتی کوثر به مساحت ۵۶۵۱/۲۴ مترمربع، از مالکیت اولیه حیدر صادقی.

۹۸) آقای علی صادقی مرشت فرزند حیدر در ششدانگ یک قطعه زمین مزروعی به پلاک ۷۹۱ فرعی از ۸۹ اصلی واقع در روستای مرشت بخش ۸ سنجبد حوزه ثبتی کوثر به مساحت ۲۶۶۲/۴۲ مترمربع، از مالکیت اولیه حیدر صادقی.

۹۹) آقای علی صادقی مرشت فرزند بداله در ششدانگ یک قطعه زمین مزروعی به پلاک ۷۹۲ فرعی از ۸۹ اصلی واقع در روستای مرشت بخش ۸ سنجبد حوزه ثبتی کوثر به مساحت ۹۰۳۴/۴۱ مترمربع، از مالکیت اولیه حیدر صادقی.

۱۰۰) آقای علی صادقی مرشت فرزند بداله در ششدانگ یک قطعه زمین مزروعی به پلاک ۷۹۳ فرعی از ۸۹ اصلی واقع در روستای مرشت بخش ۸ سنجبد حوزه ثبتی کوثر به مساحت ۲۲۱۸/۲۴ مترمربع، از مالکیت اولیه حیدر صادقی.

۱۰۱) آقای علی صادقی مرشت فرزند بداله در ششدانگ یک قطعه زمین مزروعی به پلاک ۷۹۴ فرعی از ۸۹ اصلی واقع در روستای مرشت بخش ۸ سنجبد حوزه ثبتی کوثر به مساحت ۱۸۸۸/۷۷ مترمربع، از مالکیت اولیه حیدر صادقی.

۱۰۲) آقای علی صادقی مرشت فرزند بداله در ششدانگ یک قطعه زمین مزروعی به پلاک ۷۹۵ فرعی از ۸۹ اصلی واقع در روستای مرشت بخش ۸ سنجبد حوزه ثبتی کوثر به مساحت ۱۳۶۹/۶۱ مترمربع، از مالکیت اولیه حیدر صادقی.

۱۰۳) آقای علی صادقی مرشت فرزند بداله در ششدانگ یک قطعه زمین مزروعی به پلاک ۷۹۶ فرعی از ۸۹ اصلی واقع در روستای مرشت بخش ۸ سنجبد حوزه ثبتی کوثر به مساحت ۶۴۰۵/۲۲ مترمربع، از مالکیت اولیه حیدر صادقی.

۱۰۴) آقای علی صادقی مرشت فرزند بداله در ششدانگ یک قطعه زمین مزروعی به پلاک ۷۹۷ فرعی از ۸۹ اصلی واقع در روستای مرشت بخش ۸ سنجبد حوزه ثبتی کوثر به مساحت ۱۴۴۷/۲۹ مترمربع، از مالکیت اولیه حیدر صادقی.

۱۰۵) آقای علی صادقی مرشت فرزند بداله در ششدانگ یک قطعه زمین مزروعی به پلاک ۷۹۸ فرعی از ۸۹ اصلی واقع در روستای مرشت بخش ۸ سنجبد حوزه ثبتی کوثر به مساحت ۱۰۰۵۱/۹۶ مترمربع، از مالکیت اولیه حیدر صادقی.

۱۰۶) آقای صدقعلی صادقی مرشت فرزند حیدر در ششدانگ یک قطعه زمین مزروعی به پلاک ۷۹۹ فرعی از ۸۹ اصلی واقع در روستای مرشت بخش ۸ سنجبد حوزه ثبتی کوثر به مساحت ۲۷۲۷/۹۰ مترمربع، از مالکیت اولیه حیدر صادقی.

۱۰۷) آقای صدقعلی صادقی مرشت فرزند حیدر در ششدانگ یک قطعه زمین مزروعی به پلاک ۸۰۰ فرعی از ۸۹ اصلی واقع در روستای مرشت بخش ۸ سنجبد حوزه ثبتی کوثر به مساحت ۱۳۱۵/۴۷ مترمربع، از مالکیت اولیه حیدر صادقی.

۱۰۸) آقای صدقعلی صادقی مرشت فرزند حیدر در ششدانگ یک قطعه زمین مزروعی به پلاک ۸۰۱ فرعی از ۸۹ اصلی واقع در روستای مرشت بخش ۸ سنجبد حوزه ثبتی کوثر به مساحت ۱۷۸۱/۰۰ مترمربع، از مالکیت اولیه حیدر صادقی.

۱۰۹) آقای صدقعلی صادقی مرشت فرزند حیدر در ششدانگ یک قطعه زمین مزروعی به پلاک ۸۰۲ فرعی از ۸۹ اصلی واقع در روستای مرشت بخش ۸ سنجبد حوزه ثبتی کوثر به مساحت ۱۸۰۰/۳۷ مترمربع، از مالکیت اولیه حیدر صادقی.

۱۱۰) آقای صدقعلی صادقی مرشت فرزند حیدر در ششدانگ یک قطعه زمین مزروعی به پلاک ۸۰۳ فرعی از ۸۹ اصلی واقع در روستای مرشت بخش ۸ سنجبد حوزه ثبتی کوثر به مساحت ۲۸۲۴/۴۸ مترمربع، از مالکیت اولیه حیدر صادقی.

۱۱۱) آقای صدقعلی صادقی مرشت فرزند حیدر در ششدانگ یک قطعه زمین مزروعی به پلاک ۸۰۴ فرعی از ۸۹ اصلی واقع در روستای مرشت بخش ۸ سنجبد حوزه ثبتی کوثر به مساحت ۱۳۳۳/۳۲ مترمربع، از مالکیت اولیه حیدر صادقی.

۱۱۲) آقای صدقعلی صادقی مرشت فرزند حیدر در ششدانگ یک قطعه زمین مزروعی به پلاک ۸۰۵ فرعی از ۸۹ اصلی واقع در روستای مرشت بخش ۸ سنجبد حوزه ثبتی کوثر به مساحت ۲۵۲۱/۹۴ مترمربع، از مالکیت اولیه حیدر صادقی.

۱۱۵) آقای خداوین عباسی مرشت فرزند عوض در ششدانگ یک باب خانه مسکونی به پلاک ۸۰۶ فرعی از ۸۹ اصلی واقع در روستای مرشت بخش ۸ سنجبد حوزه ثبتی کوثر به مساحت ۱۴۸/۹۹ مترمربع، از مالکیت اولیه اسماعیل کاظمی.

۱۱۶) آقای مقدم محمدی نی نسبت به ۲ سهم از ۷ سهم و خانم ها ملاحت و طاهره و فاطمه و زهرا و معصومه همگی محمدی نی هرکدام یک سهم از ۷ سهم فرزندان اسداله در یک باب خانه مسکونی به پلاک ۱۰۸ فرعی از ۱۱۵ اصلی واقع در روستای نی احمد بیگ بخش ۸ سنجبد حوزه ثبتی کوثر به مساحت ۳۹۰/۴۱ مترمربع، از مالکیت اولیه حاجعلی محمدزاده.

لذا با توجه به عدم دسترسی به مالکین مشاعی مراتب در دو نوبت به فاصله ۱۵ روز آگهی می گردد تا چنانچه اشخاص ذینفع نسبت به صدور سند مالکیت متقاضیان اعتراضی داشته باشند می توانند از تاریخ انتشار اولین نوبت آگهی به مدت دو ماه اعتراض خود را کتباً به اداره ی ثبت اسناد و املاک شهرستان کوثر تسلیم و پس از اخذ رسید ظرف مدت یکماه از تاریخ تسلیم اعتراض گواهی طرح اقامه دعوی را از مرجع قضایی اخذ و به اداره ی ثبت تحویل نمایند. در غیر اینصورت پس از انقضای مدت مذکور و عدم وصول اعتراض مطابق مقررات سند مالکیت صادر خواهد شد. لازم به توضیح میباشد که صدور سند مالکیت براساس قانون مذکور مانع از مراجعه متضرر به دادگاه نخواهد بود.

م الف: ۵/۳۵۰

تاریخ انتشار نوبت اول: ۱۴۰۴/۰۷/۱۵

تاریخ انتشار نوبت دوم: ۱۴۰۴/۰۷/۳۰

جابر قنبری- رئیس ثبت اسناد و املاک شهرستان کوثر
